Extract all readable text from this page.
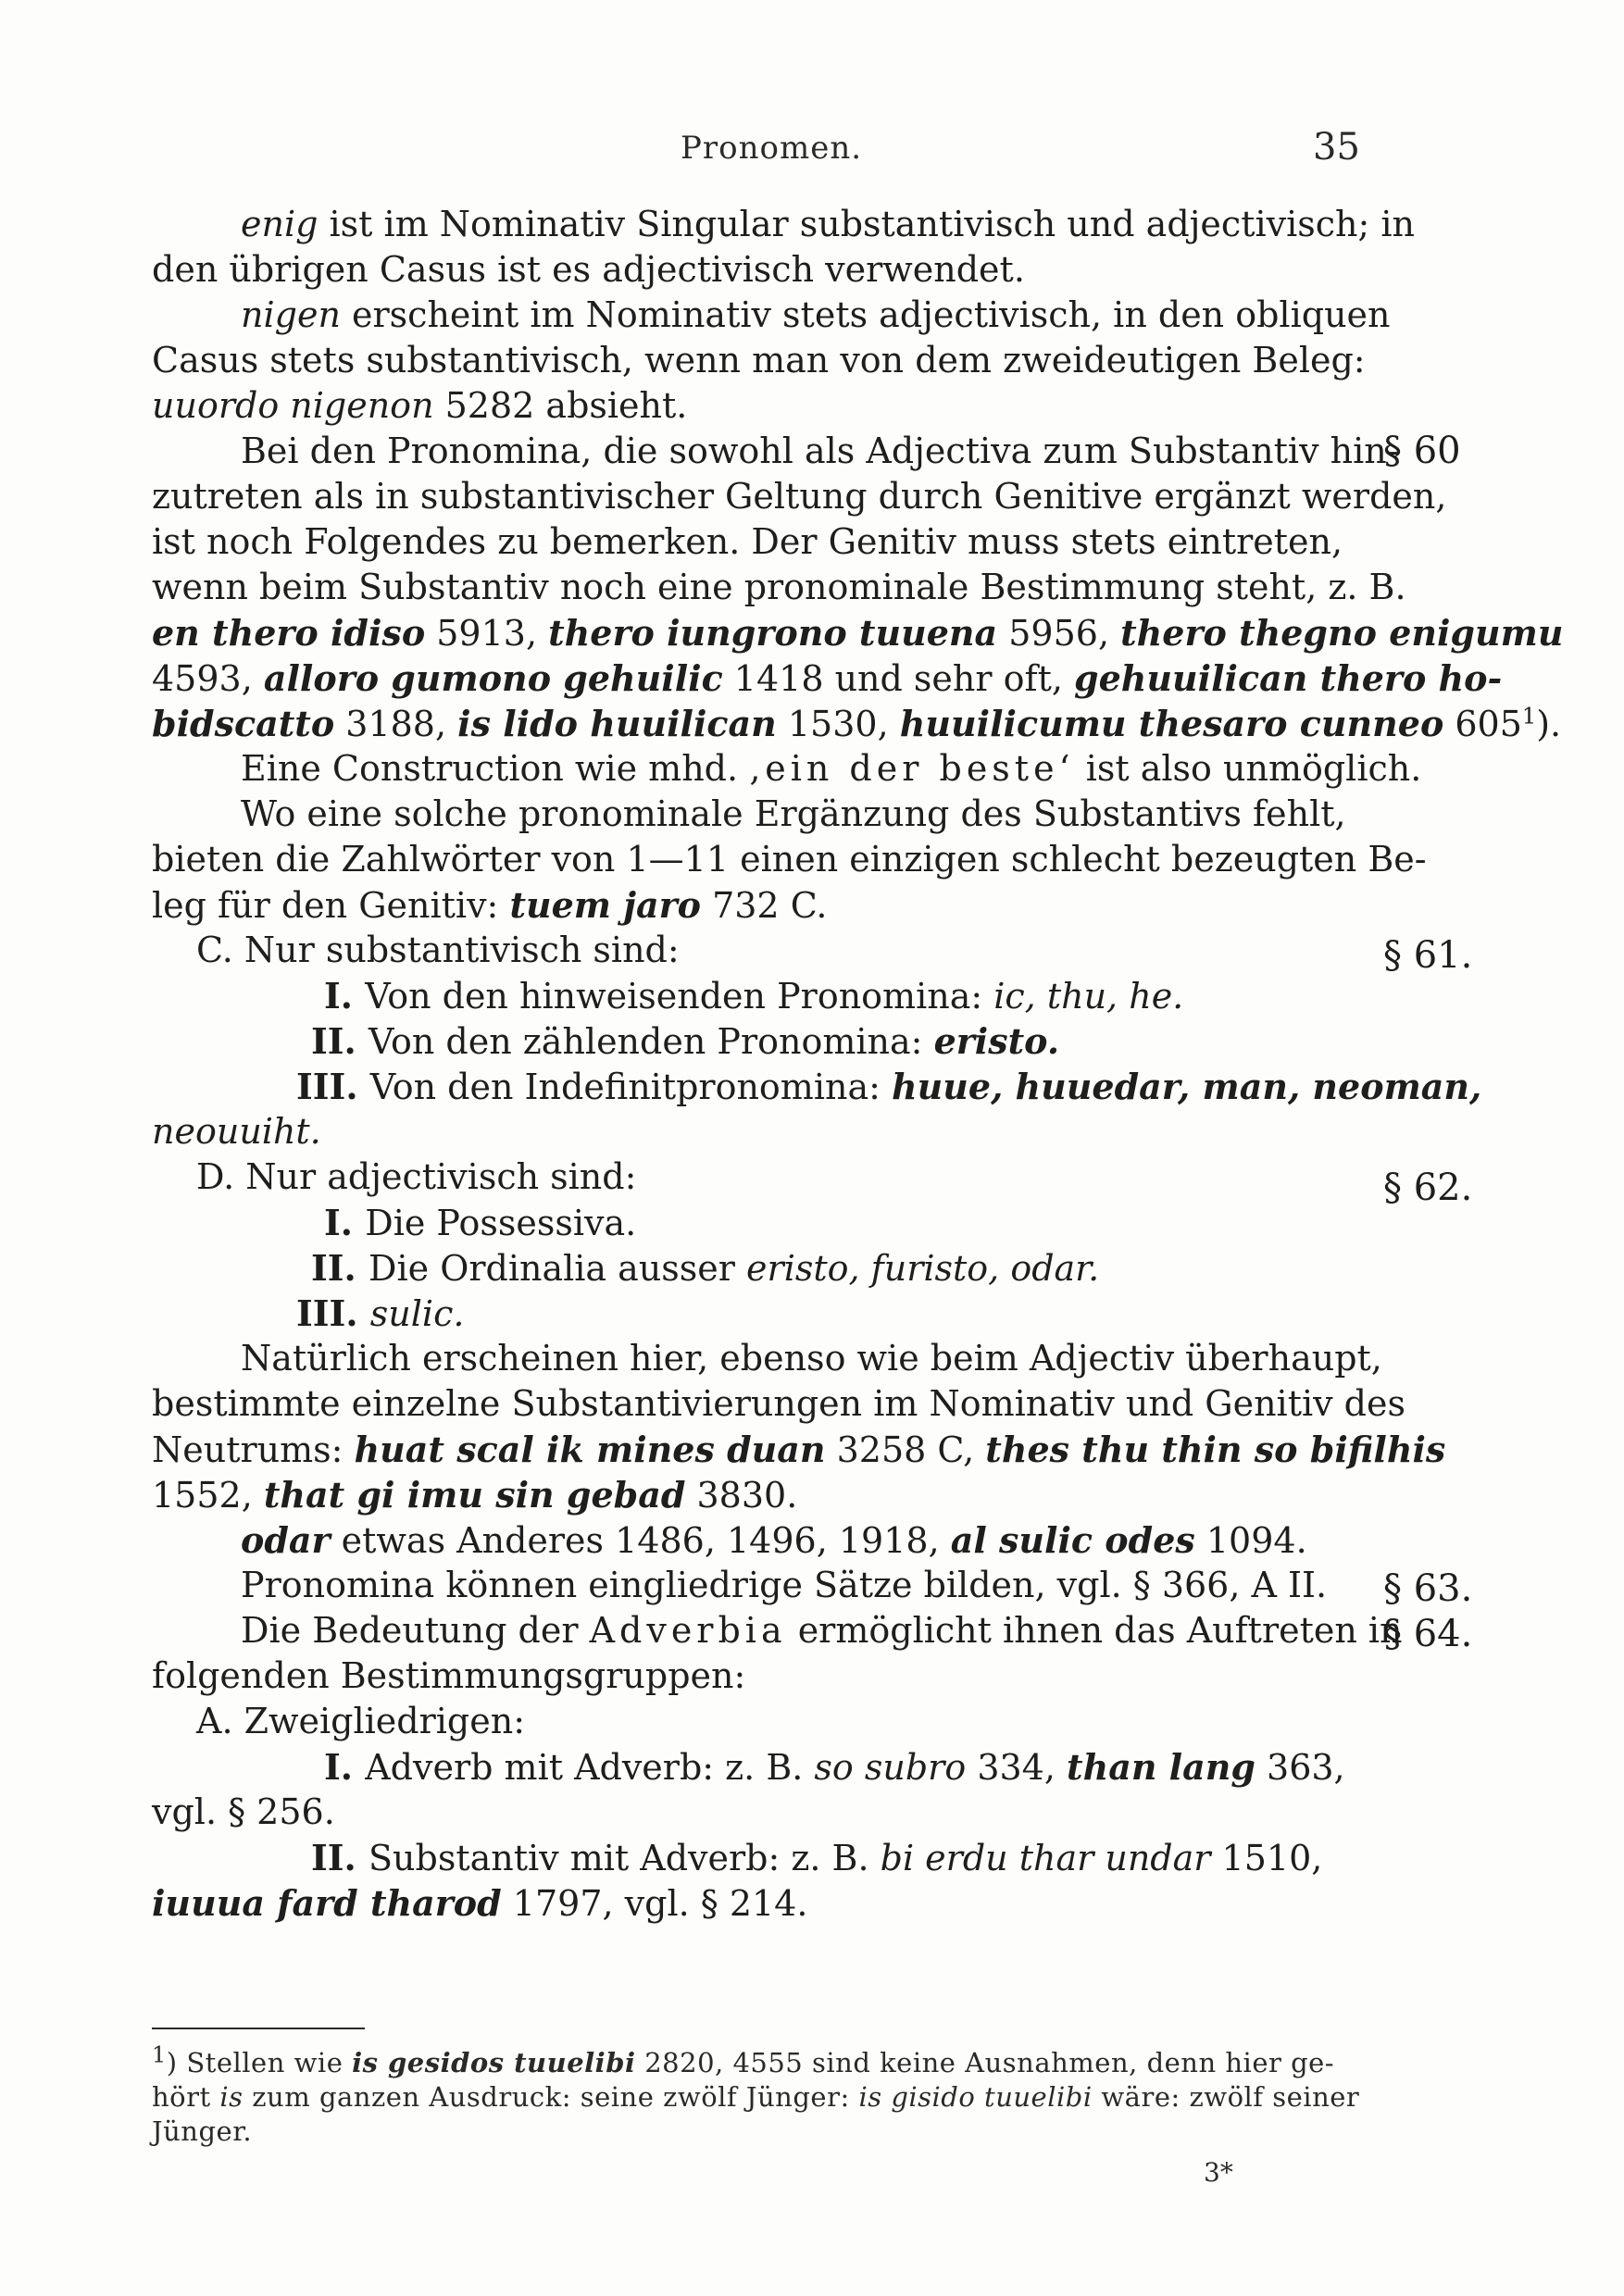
Pronomen.	35
enig ist im Nominativ Singular substantivisch und adjectivisch; in
den übrigen Casus ist es adjectivisch verwendet.
nigen erscheint im Nominativ stets adjectivisch, in den obliquen
Casus stets substantivisch, wenn man von dem zweideutigen Beleg:
uuordo nigenon 5282 absieht.
Bei den Pronomina, die sowohl als Adjectiva zum Substantiv hin-
§ 60
zutreten als in substantivischer Geltung durch Genitive ergänzt werden,
ist noch Folgendes zu bemerken. Der Genitiv muss stets eintreten,
wenn beim Substantiv noch eine pronominale Bestimmung steht, z. B.
en thero idiso 5913, thero iungrono tuuena 5956, thero thegno enigumu
4593, alloro gumono gehuilic 1418 und sehr oft, gehuuilican thero ho-
bidscatto 3188, is lido huuilican 1530, huuilicumu thesaro cunneo $605^1$).
Eine Construction wie mhd. ‚ein der beste‘ ist also unmöglich.
Wo eine solche pronominale Ergänzung des Substantivs fehlt,
bieten die Zahlwörter von 1—11 einen einzigen schlecht bezeugten Be-
leg für den Genitiv: tuem jaro 732 C.
C. Nur substantivisch sind:	§ 61.
I. Von den hinweisenden Pronomina: ic, thu, he.
II. Von den zählenden Pronomina: eristo.
III. Von den Indefinitpronomina: huue, huuedar, man, neoman,
neouuiht.
D. Nur adjectivisch sind:	§ 62.
I. Die Possessiva.
II. Die Ordinalia ausser eristo, furisto, odar.
III. sulic.
Natürlich erscheinen hier, ebenso wie beim Adjectiv überhaupt,
bestimmte einzelne Substantivierungen im Nominativ und Genitiv des
Neutrums: huat scal ik mines duan 3258 C, thes thu thin so bifilhis
1552, that gi imu sin gebad 3830.
odar etwas Anderes 1486, 1496, 1918, al sulic odes 1094.
Pronomina können eingliedrige Sätze bilden, vgl. § 366, A II. § 63.
Die Bedeutung der Adverbia ermöglicht ihnen das Auftreten in
§ 64.
folgenden Bestimmungsgruppen:
A. Zweigliedrigen:
I. Adverb mit Adverb: z. B. so subro 334, than lang 363,
vgl. § 256.
II. Substantiv mit Adverb: z. B. bi erdu thar undar 1510,
iuuua fard tharod 1797, vgl. § 214.
$^1$) Stellen wie is gesidos tuuelibi 2820, 4555 sind keine Ausnahmen, denn hier ge-
hört is zum ganzen Ausdruck: seine zwölf Jünger: is gisido tuuelibi wäre: zwölf seiner
Jünger.
3*
